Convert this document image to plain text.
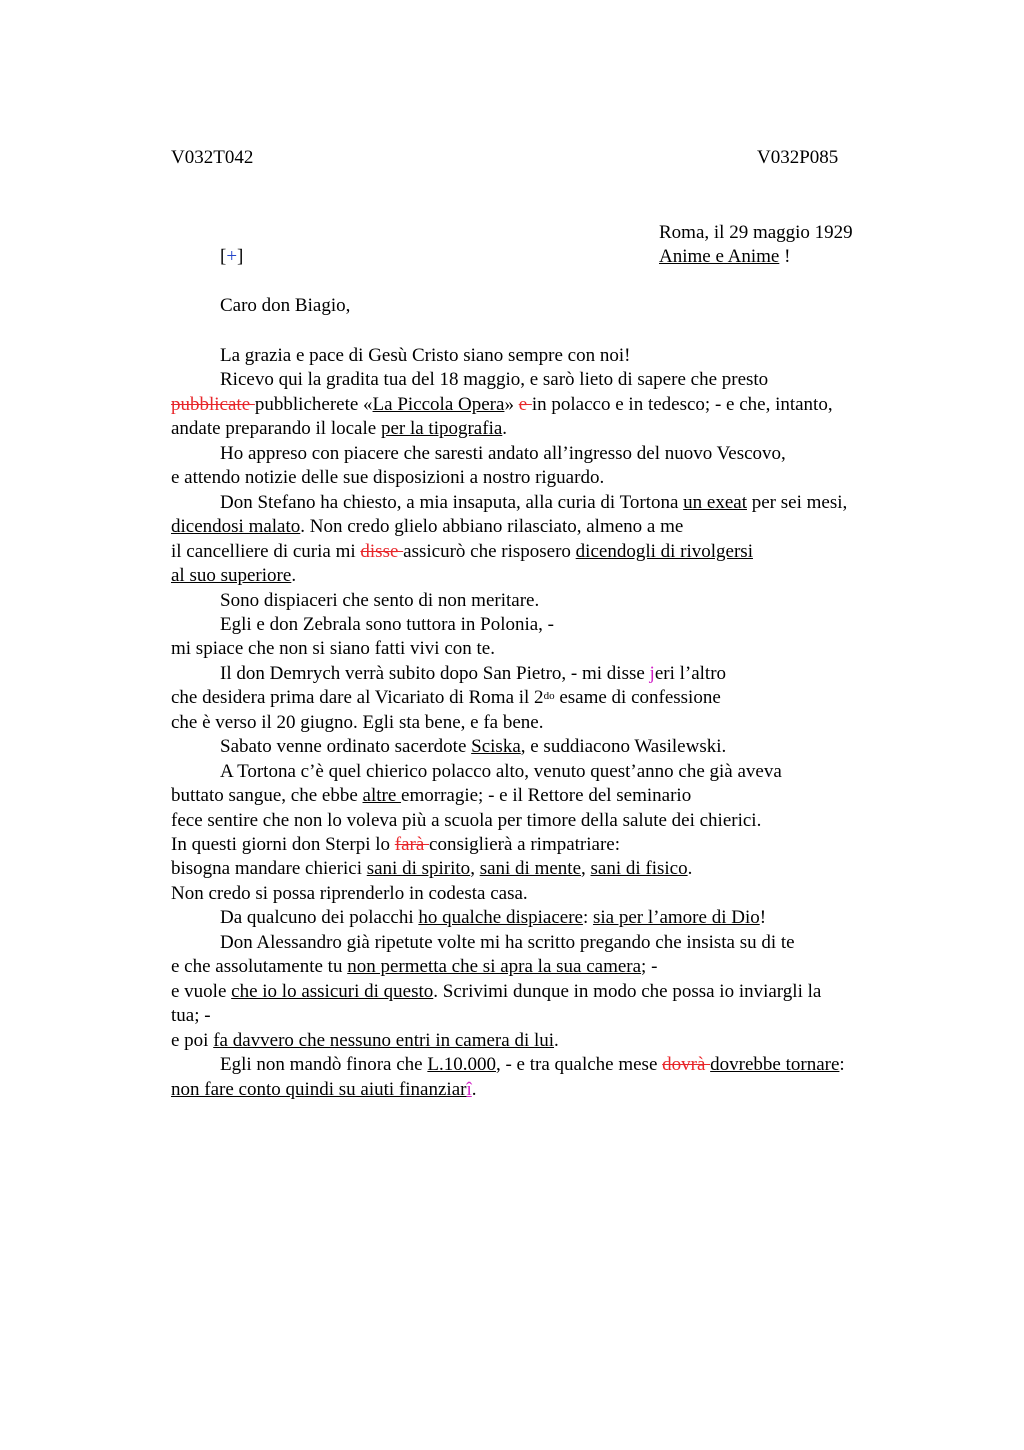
V032T042	V032P085
Roma, il 29 maggio 1929
Anime e Anime !
[+]
Caro don Biagio,
La grazia e pace di Gesù Cristo siano sempre con noi!
Ricevo qui la gradita tua del 18 maggio, e sarò lieto di sapere che presto
pubblicate pubblicherete «La Piccola Opera» e in polacco e in tedesco; - e che, intanto,
andate preparando il locale per la tipografia.
Ho appreso con piacere che saresti andato all’ingresso del nuovo Vescovo,
e attendo notizie delle sue disposizioni a nostro riguardo.
Don Stefano ha chiesto, a mia insaputa, alla curia di Tortona un exeat per sei mesi,
dicendosi malato. Non credo glielo abbiano rilasciato, almeno a me
il cancelliere di curia mi disse assicurò che risposero dicendogli di rivolgersi
al suo superiore.
Sono dispiaceri che sento di non meritare.
Egli e don Zebrala sono tuttora in Polonia, -
mi spiace che non si siano fatti vivi con te.
Il don Demrych verrà subito dopo San Pietro, - mi disse jeri l’altro
che desidera prima dare al Vicariato di Roma il $2^{do}$ esame di confessione
che è verso il 20 giugno. Egli sta bene, e fa bene.
Sabato venne ordinato sacerdote Sciska, e suddiacono Wasilewski.
A Tortona c’è quel chierico polacco alto, venuto quest’anno che già aveva
buttato sangue, che ebbe altre emorragie; - e il Rettore del seminario
fece sentire che non lo voleva più a scuola per timore della salute dei chierici.
In questi giorni don Sterpi lo farà consiglierà a rimpatriare:
bisogna mandare chierici sani di spirito, sani di mente, sani di fisico.
Non credo si possa riprenderlo in codesta casa.
Da qualcuno dei polacchi ho qualche dispiacere: sia per l’amore di Dio!
Don Alessandro già ripetute volte mi ha scritto pregando che insista su di te
e che assolutamente tu non permetta che si apra la sua camera; -
e vuole che io lo assicuri di questo. Scrivimi dunque in modo che possa io inviargli la
tua; -
e poi fa davvero che nessuno entri in camera di lui.
Egli non mandò finora che L.10.000, - e tra qualche mese dovrà dovrebbe tornare:
non fare conto quindi su aiuti finanziarî.
